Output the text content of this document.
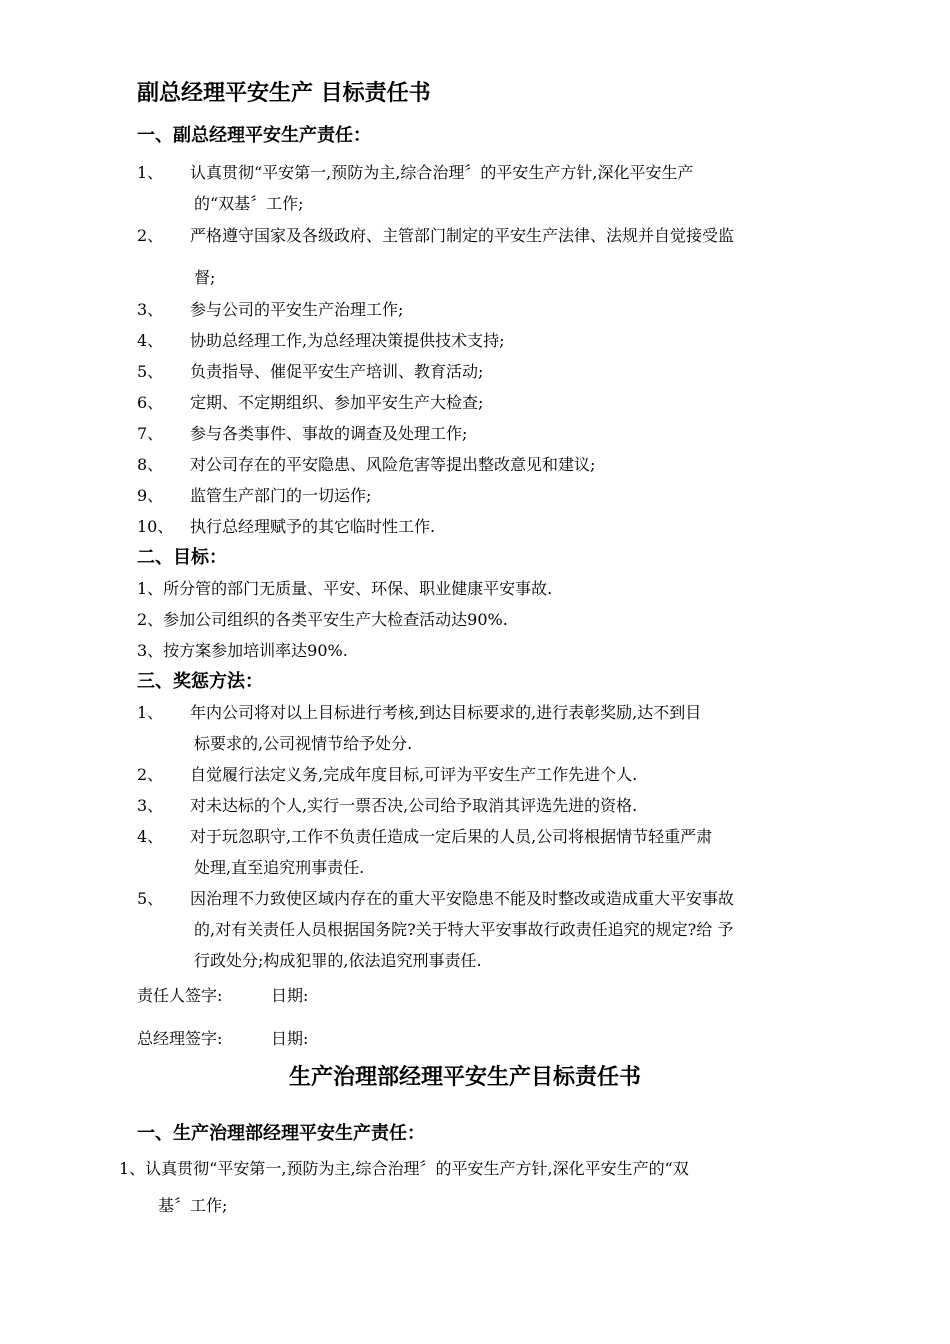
副总经理平安生产 目标责任书
一、副总经理平安生产责任：
1、 认真贯彻“平安第一,预防为主,综合治理〞的平安生产方针,深化平安生产
的“双基〞工作;
2、 严格遵守国家及各级政府、主管部门制定的平安生产法律、法规并自觉接受监
督;
3、 参与公司的平安生产治理工作;
4、 协助总经理工作,为总经理决策提供技术支持;
5、 负责指导、催促平安生产培训、教育活动;
6、 定期、不定期组织、参加平安生产大检查;
7、 参与各类事件、事故的调查及处理工作;
8、 对公司存在的平安隐患、风险危害等提出整改意见和建议;
9、 监管生产部门的一切运作;
10、 执行总经理赋予的其它临时性工作.
二、目标：
1、所分管的部门无质量、平安、环保、职业健康平安事故.
2、参加公司组织的各类平安生产大检查活动达90%.
3、按方案参加培训率达90%.
三、奖惩方法：
1、 年内公司将对以上目标进行考核,到达目标要求的,进行表彰奖励,达不到目
标要求的,公司视情节给予处分.
2、 自觉履行法定义务,完成年度目标,可评为平安生产工作先进个人.
3、 对未达标的个人,实行一票否决,公司给予取消其评选先进的资格.
4、 对于玩忽职守,工作不负责任造成一定后果的人员,公司将根据情节轻重严肃
处理,直至追究刑事责任.
5、 因治理不力致使区域内存在的重大平安隐患不能及时整改或造成重大平安事故
的,对有关责任人员根据国务院?关于特大平安事故行政责任追究的规定?给 予
行政处分;构成犯罪的,依法追究刑事责任.
责任人签字:	日期:
总经理签字:	日期:
生产治理部经理平安生产目标责任书
一、生产治理部经理平安生产责任：
1、认真贯彻“平安第一,预防为主,综合治理〞的平安生产方针,深化平安生产的“双
基〞工作;
